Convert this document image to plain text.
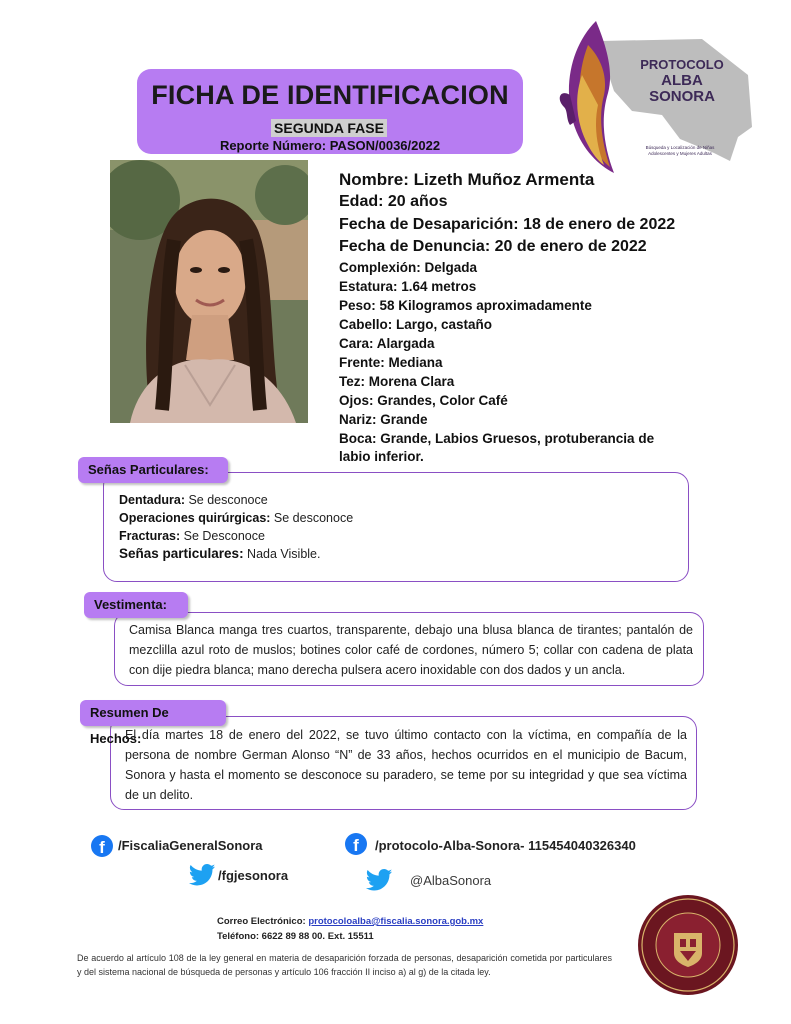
FICHA DE IDENTIFICACION
SEGUNDA FASE
Reporte Número: PASON/0036/2022
PROTOCOLO
ALBA
SONORA
Búsqueda y Localización de Niñas
Adolescentes y Mujeres Adultas
Nombre: Lizeth Muñoz Armenta
Edad: 20 años
Fecha de Desaparición: 18 de enero de 2022
Fecha de Denuncia: 20 de enero de 2022
Complexión: Delgada
Estatura: 1.64 metros
Peso: 58 Kilogramos aproximadamente
Cabello: Largo, castaño
Cara: Alargada
Frente: Mediana
Tez: Morena Clara
Ojos: Grandes, Color Café
Nariz: Grande
Boca: Grande, Labios Gruesos, protuberancia de labio inferior.
Señas Particulares:
Dentadura: Se desconoce
Operaciones quirúrgicas: Se desconoce
Fracturas: Se Desconoce
Señas particulares: Nada Visible.
Vestimenta:
Camisa Blanca manga tres cuartos, transparente, debajo una blusa blanca de tirantes; pantalón de mezclilla azul roto de muslos; botines color café de cordones, número 5; collar con cadena de plata con dije piedra blanca; mano derecha pulsera acero inoxidable con dos dados y un ancla.
Resumen De Hechos:
El día martes 18 de enero del 2022, se tuvo último contacto con la víctima, en compañía de la persona de nombre German Alonso “N” de 33 años, hechos ocurridos en el municipio de Bacum, Sonora y hasta el momento se desconoce su paradero, se teme por su integridad y que sea víctima de un delito.
f	/FiscaliaGeneralSonora	f	/protocolo-Alba-Sonora- 115454040326340
/fgjesonora	@AlbaSonora
Correo Electrónico: protocoloalba@fiscalia.sonora.gob.mx
Teléfono: 6622 89 88 00. Ext. 15511
De acuerdo al artículo 108 de la ley general en materia de desaparición forzada de personas, desaparición cometida por particulares y del sistema nacional de búsqueda de personas y artículo 106 fracción II inciso a) al g) de la citada ley.
